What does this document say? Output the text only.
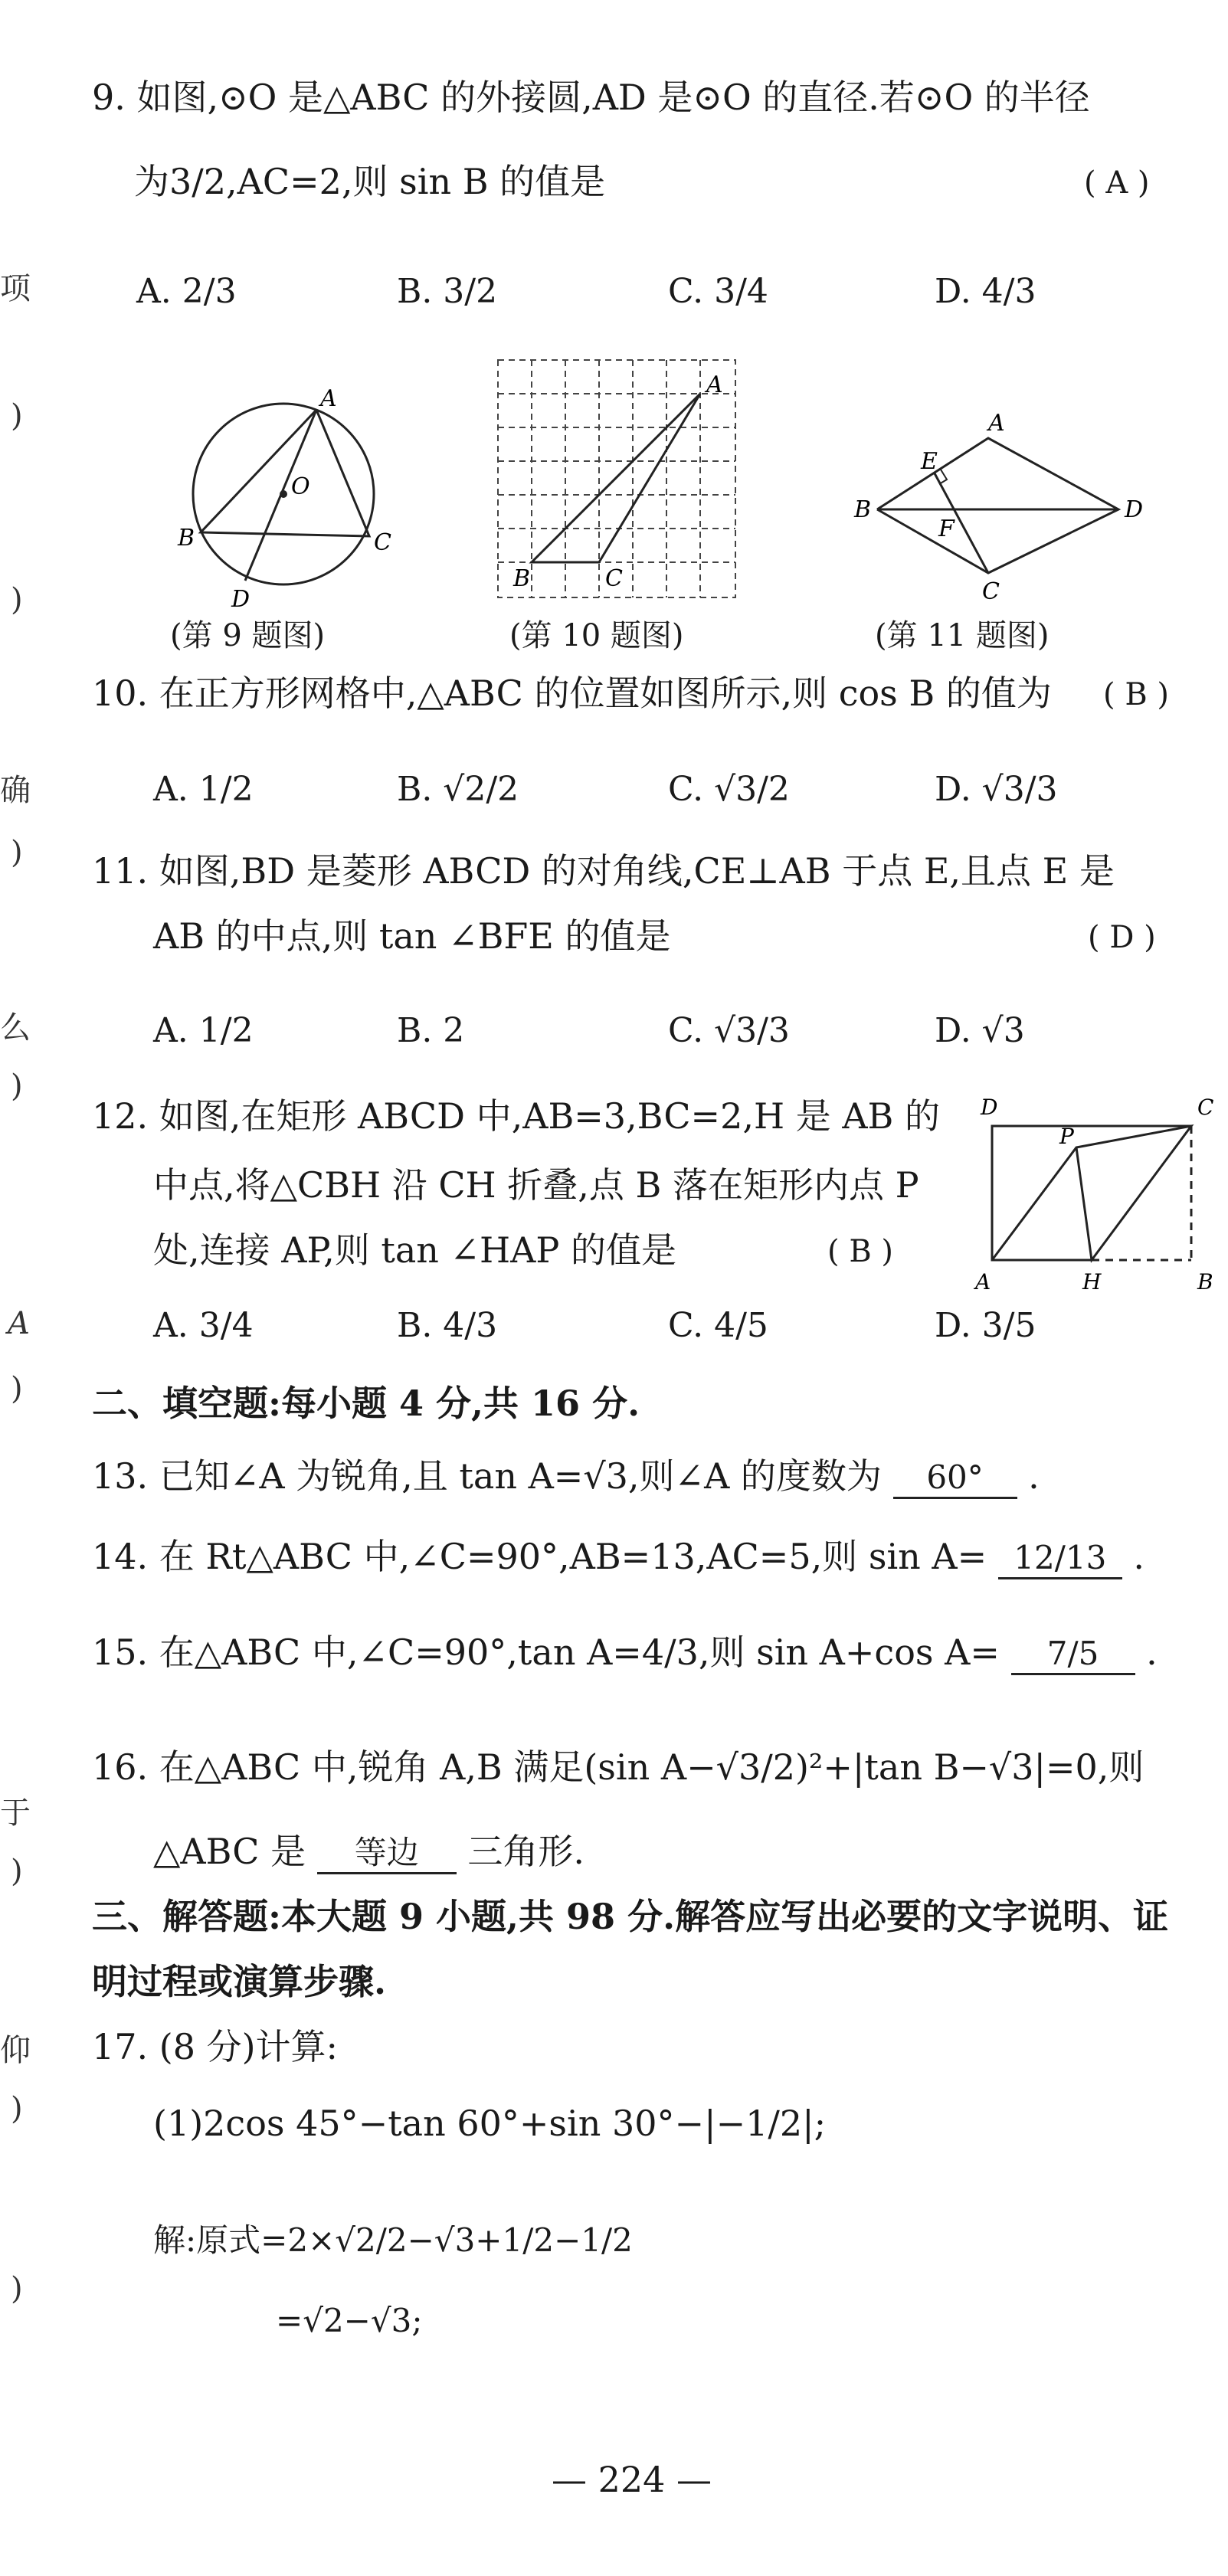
项
)
)
确
)
么
)
A
)
于
)
仰
)
)
9. 如图,⊙O 是△ABC 的外接圆,AD 是⊙O 的直径.若⊙O 的半径
为3/2,AC=2,则 sin B 的值是	( A )
A. 2/3	B. 3/2	C. 3/4	D. 4/3
A
O
B	C
D
(第 9 题图)
A
B	C
(第 10 题图)
A
E
B
F
D
C
(第 11 题图)
10. 在正方形网格中,△ABC 的位置如图所示,则 cos B 的值为 ( B )
A. 1/2	B. √2/2	C. √3/2	D. √3/3
11. 如图,BD 是菱形 ABCD 的对角线,CE⊥AB 于点 E,且点 E 是
AB 的中点,则 tan ∠BFE 的值是	( D )
A. 1/2	B. 2	C. √3/3	D. √3
12. 如图,在矩形 ABCD 中,AB=3,BC=2,H 是 AB 的
中点,将△CBH 沿 CH 折叠,点 B 落在矩形内点 P
处,连接 AP,则 tan ∠HAP 的值是	( B )
A. 3/4	B. 4/3	C. 4/5	D. 3/5
D	C
P
A	H	B
二、填空题:每小题 4 分,共 16 分.
13. 已知∠A 为锐角,且 tan A=√3,则∠A 的度数为 60° .
14. 在 Rt△ABC 中,∠C=90°,AB=13,AC=5,则 sin A= 12/13 .
15. 在△ABC 中,∠C=90°,tan A=4/3,则 sin A+cos A= 7/5 .
16. 在△ABC 中,锐角 A,B 满足(sin A−√3/2)²+|tan B−√3|=0,则
△ABC 是 等边 三角形.
三、解答题:本大题 9 小题,共 98 分.解答应写出必要的文字说明、证
明过程或演算步骤.
17. (8 分)计算:
(1)2cos 45°−tan 60°+sin 30°−|−1/2|;
解:原式=2×√2/2−√3+1/2−1/2
=√2−√3;
— 224 —
